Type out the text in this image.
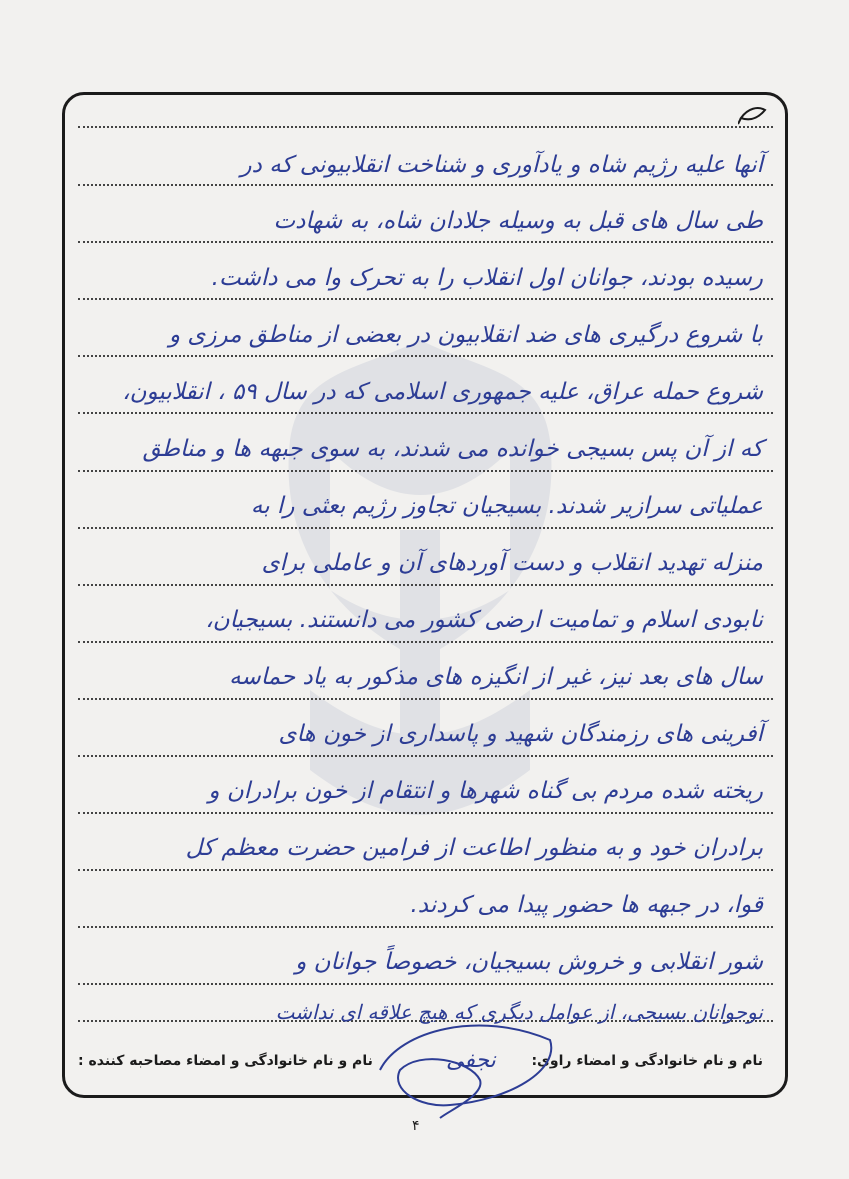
آنها علیه رژیم شاه و یادآوری و شناخت انقلابیونی که در
طی سال های قبل به وسیله جلادان شاه، به شهادت
رسیده بودند، جوانان اول انقلاب را به تحرک وا می داشت.
با شروع درگیری های ضد انقلابیون در بعضی از مناطق مرزی و
شروع حمله عراق، علیه جمهوری اسلامی که در سال ۵۹ ، انقلابیون،
که از آن پس بسیجی خوانده می شدند، به سوی جبهه ها و مناطق
عملیاتی سرازیر شدند. بسیجیان تجاوز رژیم بعثی را به
منزله تهدید انقلاب و دست آوردهای آن و عاملی برای
نابودی اسلام و تمامیت ارضی کشور می دانستند. بسیجیان،
سال های بعد نیز، غیر از انگیزه های مذکور به یاد حماسه
آفرینی های رزمندگان شهید و پاسداری از خون های
ریخته شده مردم بی گناه شهرها و انتقام از خون برادران و
برادران خود و به منظور اطاعت از فرامین حضرت معظم کل
قوا، در جبهه ها حضور پیدا می کردند.
شور انقلابی و خروش بسیجیان، خصوصاً جوانان و
نوجوانان بسیجی، از عوامل دیگری که هیچ علاقه ای نداشت
نام و نام خانوادگی و امضاء مصاحبه کننده :	نام و نام خانوادگی و امضاء راوی:
نجفی
۴
